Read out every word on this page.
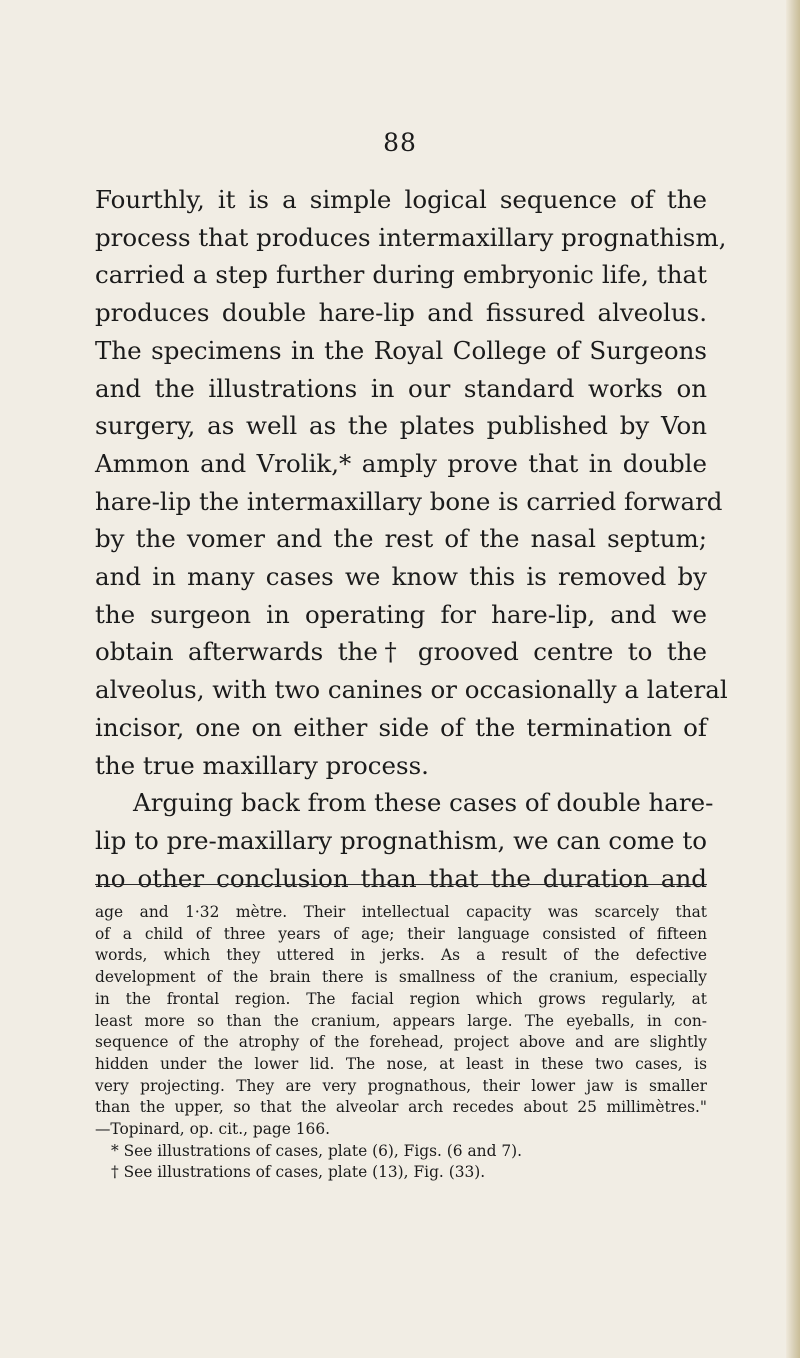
88
Fourthly, it is a simple logical sequence of the
process that produces intermaxillary prognathism,
carried a step further during embryonic life, that
produces double hare-lip and fissured alveolus.
The specimens in the Royal College of Surgeons
and the illustrations in our standard works on
surgery, as well as the plates published by Von
Ammon and Vrolik,* amply prove that in double
hare-lip the intermaxillary bone is carried forward
by the vomer and the rest of the nasal septum;
and in many cases we know this is removed by
the surgeon in operating for hare-lip, and we
obtain afterwards the† grooved centre to the
alveolus, with two canines or occasionally a lateral
incisor, one on either side of the termination of
the true maxillary process.
Arguing back from these cases of double hare-
lip to pre-maxillary prognathism, we can come to
no other conclusion than that the duration and
age and 1·32 mètre. Their intellectual capacity was scarcely that
of a child of three years of age; their language consisted of fifteen
words, which they uttered in jerks. As a result of the defective
development of the brain there is smallness of the cranium, especially
in the frontal region. The facial region which grows regularly, at
least more so than the cranium, appears large. The eyeballs, in con-
sequence of the atrophy of the forehead, project above and are slightly
hidden under the lower lid. The nose, at least in these two cases, is
very projecting. They are very prognathous, their lower jaw is smaller
than the upper, so that the alveolar arch recedes about 25 millimètres."
—Topinard, op. cit., page 166.
* See illustrations of cases, plate (6), Figs. (6 and 7).
† See illustrations of cases, plate (13), Fig. (33).
